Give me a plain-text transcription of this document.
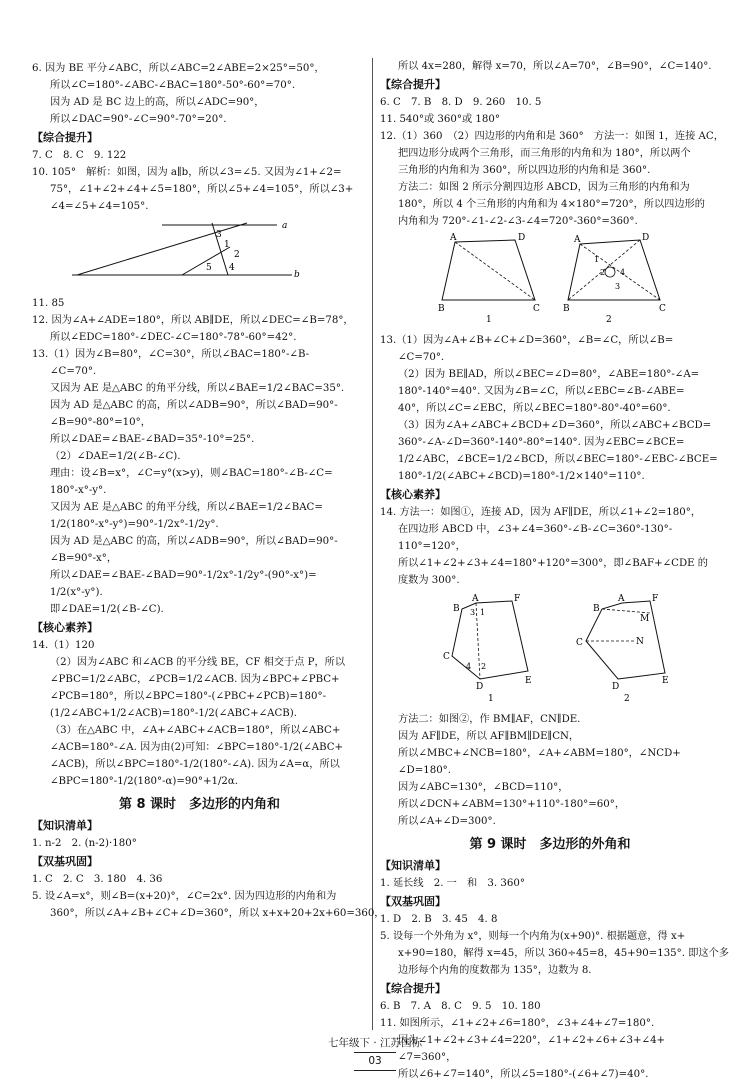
6. 因为 BE 平分∠ABC，所以∠ABC=2∠ABE=2×25°=50°，
所以∠C=180°-∠ABC-∠BAC=180°-50°-60°=70°.
因为 AD 是 BC 边上的高，所以∠ADC=90°，
所以∠DAC=90°-∠C=90°-70°=20°.
【综合提升】
7. C　8. C　9. 122
10. 105°　解析：如图，因为 a∥b，所以∠3=∠5. 又因为∠1+∠2=
75°，∠1+∠2+∠4+∠5=180°，所以∠5+∠4=105°，所以∠3+
∠4=∠5+∠4=105°.
3
1
2
4
5
a
b
11. 85
12. 因为∠A+∠ADE=180°，所以 AB∥DE，所以∠DEC=∠B=78°，
所以∠EDC=180°-∠DEC-∠C=180°-78°-60°=42°.
13.（1）因为∠B=80°，∠C=30°，所以∠BAC=180°-∠B-
∠C=70°.
又因为 AE 是△ABC 的角平分线，所以∠BAE=1/2∠BAC=35°.
因为 AD 是△ABC 的高，所以∠ADB=90°，所以∠BAD=90°-
∠B=90°-80°=10°，
所以∠DAE=∠BAE-∠BAD=35°-10°=25°.
（2）∠DAE=1/2(∠B-∠C).
理由：设∠B=x°，∠C=y°(x>y)，则∠BAC=180°-∠B-∠C=
180°-x°-y°.
又因为 AE 是△ABC 的角平分线，所以∠BAE=1/2∠BAC=
1/2(180°-x°-y°)=90°-1/2x°-1/2y°.
因为 AD 是△ABC 的高，所以∠ADB=90°，所以∠BAD=90°-
∠B=90°-x°，
所以∠DAE=∠BAE-∠BAD=90°-1/2x°-1/2y°-(90°-x°)=
1/2(x°-y°).
即∠DAE=1/2(∠B-∠C).
【核心素养】
14.（1）120
（2）因为∠ABC 和∠ACB 的平分线 BE，CF 相交于点 P，所以
∠PBC=1/2∠ABC，∠PCB=1/2∠ACB. 因为∠BPC+∠PBC+
∠PCB=180°，所以∠BPC=180°-(∠PBC+∠PCB)=180°-
(1/2∠ABC+1/2∠ACB)=180°-1/2(∠ABC+∠ACB).
（3）在△ABC 中，∠A+∠ABC+∠ACB=180°，所以∠ABC+
∠ACB=180°-∠A. 因为由(2)可知：∠BPC=180°-1/2(∠ABC+
∠ACB)，所以∠BPC=180°-1/2(180°-∠A). 因为∠A=α，所以
∠BPC=180°-1/2(180°-α)=90°+1/2α.
第 8 课时　多边形的内角和
【知识清单】
1. n-2　2. (n-2)·180°
【双基巩固】
1. C　2. C　3. 180　4. 36
5. 设∠A=x°，则∠B=(x+20)°，∠C=2x°. 因为四边形的内角和为
360°，所以∠A+∠B+∠C+∠D=360°，所以 x+x+20+2x+60=360，
所以 4x=280，解得 x=70，所以∠A=70°，∠B=90°，∠C=140°.
【综合提升】
6. C　7. B　8. D　9. 260　10. 5
11. 540°或 360°或 180°
12.（1）360　（2）四边形的内角和是 360°　方法一：如图 1，连接 AC，
把四边形分成两个三角形，而三角形的内角和为 180°，所以两个
三角形的内角和为 360°，所以四边形的内角和是 360°.
方法二：如图 2 所示分割四边形 ABCD，因为三角形的内角和为
180°，所以 4 个三角形的内角和为 4×180°=720°，所以四边形的
内角和为 720°-∠1-∠2-∠3-∠4=720°-360°=360°.
A	D
B	C
1
A	D
1
2
3
4
B	C
2
13.（1）因为∠A+∠B+∠C+∠D=360°，∠B=∠C，所以∠B=
∠C=70°.
（2）因为 BE∥AD，所以∠BEC=∠D=80°，∠ABE=180°-∠A=
180°-140°=40°. 又因为∠B=∠C，所以∠EBC=∠B-∠ABE=
40°，所以∠C=∠EBC，所以∠BEC=180°-80°-40°=60°.
（3）因为∠A+∠ABC+∠BCD+∠D=360°，所以∠ABC+∠BCD=
360°-∠A-∠D=360°-140°-80°=140°. 因为∠EBC=∠BCE=
1/2∠ABC，∠BCE=1/2∠BCD，所以∠BEC=180°-∠EBC-∠BCE=
180°-1/2(∠ABC+∠BCD)=180°-1/2×140°=110°.
【核心素养】
14. 方法一：如图①，连接 AD，因为 AF∥DE，所以∠1+∠2=180°，
在四边形 ABCD 中，∠3+∠4=360°-∠B-∠C=360°-130°-
110°=120°，
所以∠1+∠2+∠3+∠4=180°+120°=300°，即∠BAF+∠CDE 的
度数为 300°.
A	F
B 3 1
C
4 2
D
E
1
A	F
B
M
C	N
D
E
2
方法二：如图②，作 BM∥AF，CN∥DE.
因为 AF∥DE，所以 AF∥BM∥DE∥CN，
所以∠MBC+∠NCB=180°，∠A+∠ABM=180°，∠NCD+
∠D=180°.
因为∠ABC=130°，∠BCD=110°，
所以∠DCN+∠ABM=130°+110°-180°=60°，
所以∠A+∠D=300°.
第 9 课时　多边形的外角和
【知识清单】
1. 延长线　2. 一　和　3. 360°
【双基巩固】
1. D　2. B　3. 45　4. 8
5. 设每一个外角为 x°，则每一个内角为(x+90)°. 根据题意，得 x+
x+90=180，解得 x=45，所以 360÷45=8，45+90=135°. 即这个多
边形每个内角的度数都为 135°，边数为 8.
【综合提升】
6. B　7. A　8. C　9. 5　10. 180
11. 如图所示，∠1+∠2+∠6=180°，∠3+∠4+∠7=180°.
因为∠1+∠2+∠3+∠4=220°，∠1+∠2+∠6+∠3+∠4+
∠7=360°，
所以∠6+∠7=140°，所以∠5=180°-(∠6+∠7)=40°.
七年级下 · 江苏国标
03
